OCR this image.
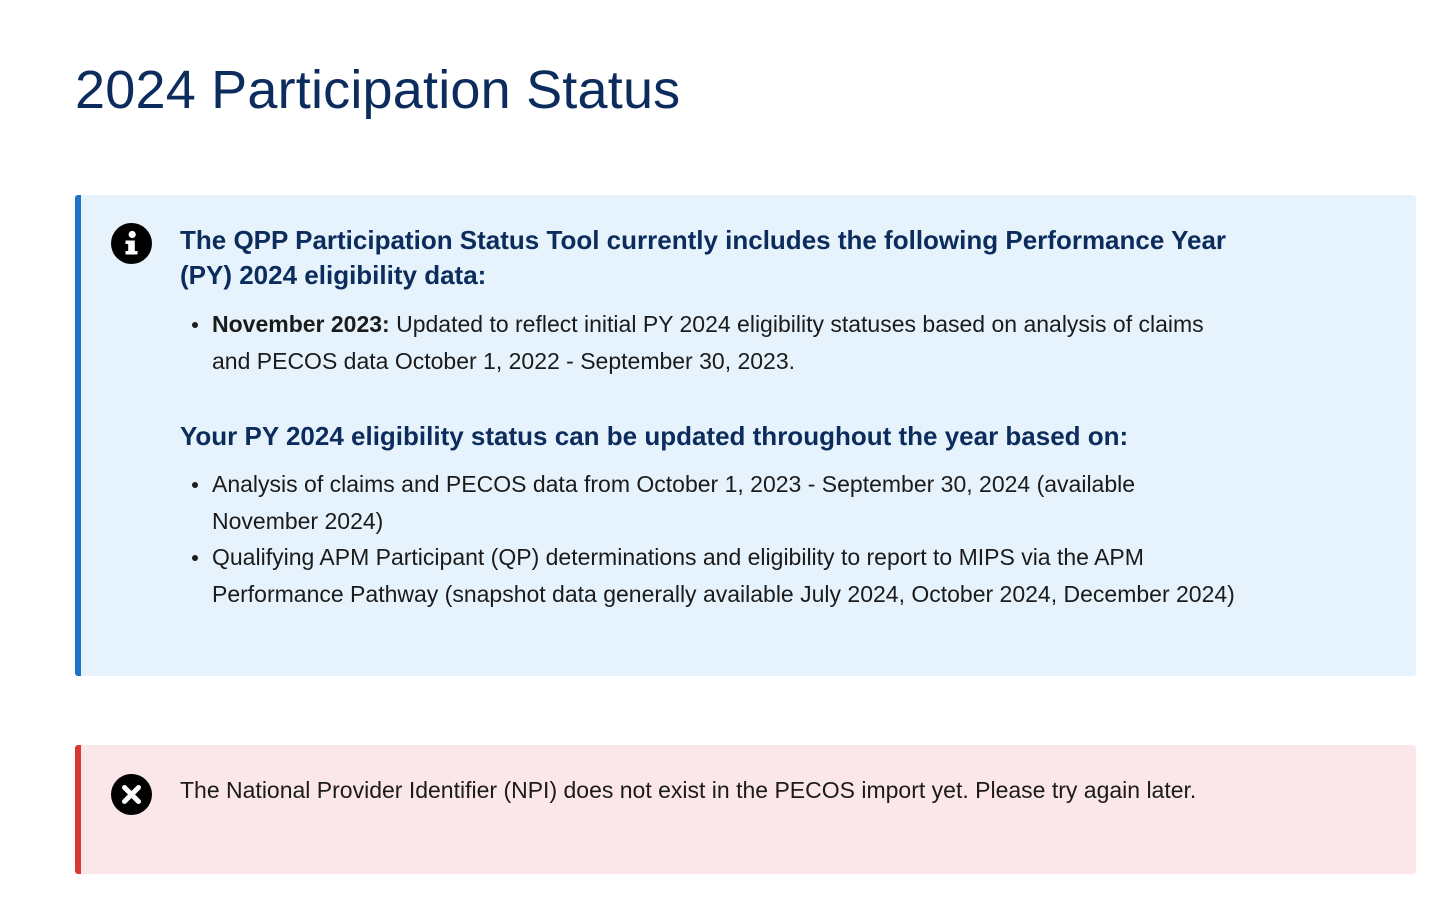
2024 Participation Status
The QPP Participation Status Tool currently includes the following Performance Year (PY) 2024 eligibility data:
November 2023: Updated to reflect initial PY 2024 eligibility statuses based on analysis of claims and PECOS data October 1, 2022 - September 30, 2023.
Your PY 2024 eligibility status can be updated throughout the year based on:
Analysis of claims and PECOS data from October 1, 2023 - September 30, 2024 (available November 2024)
Qualifying APM Participant (QP) determinations and eligibility to report to MIPS via the APM Performance Pathway (snapshot data generally available July 2024, October 2024, December 2024)

The National Provider Identifier (NPI) does not exist in the PECOS import yet. Please try again later.
